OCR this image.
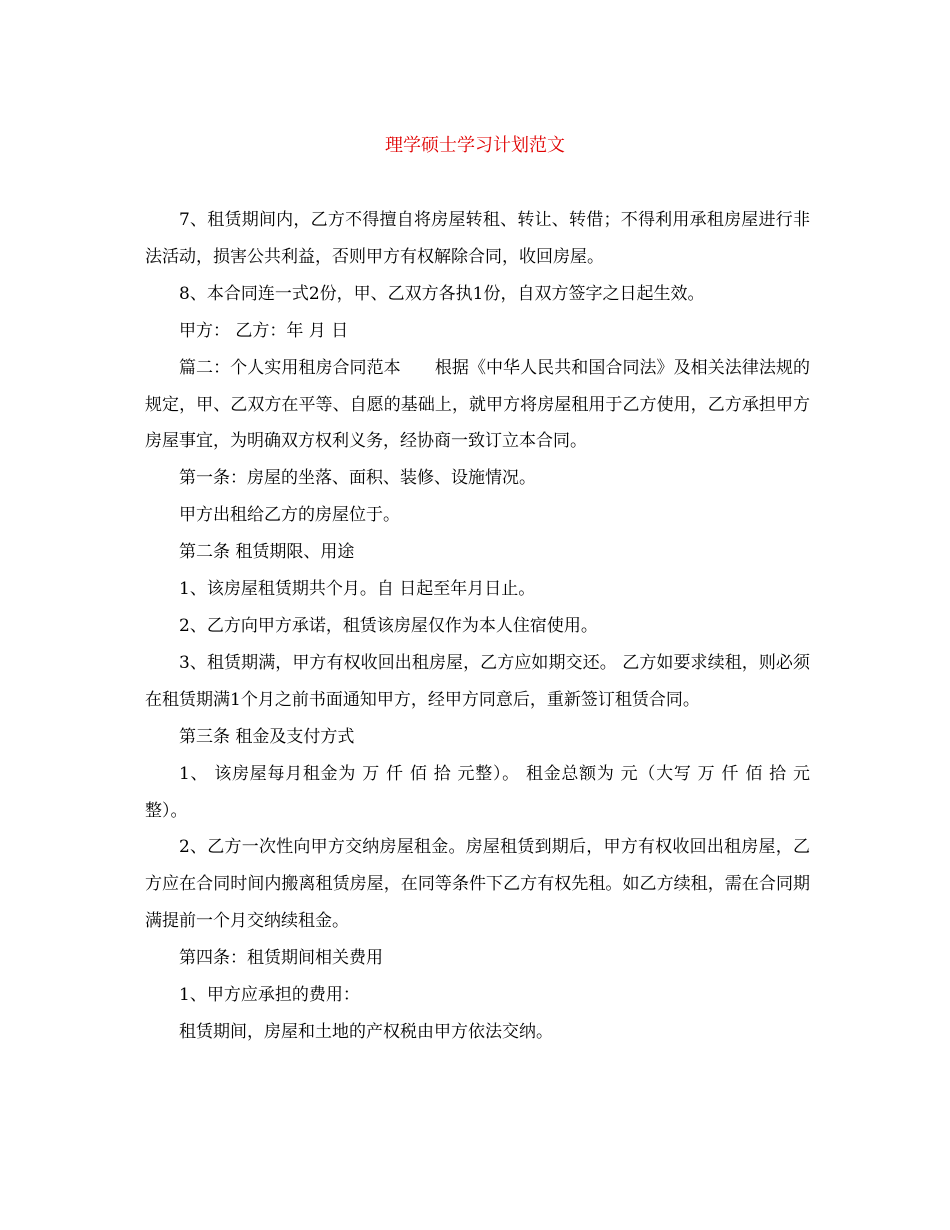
理学硕士学习计划范文

7、租赁期间内，乙方不得擅自将房屋转租、转让、转借；不得利用承租房屋进行非法活动，损害公共利益，否则甲方有权解除合同，收回房屋。

8、本合同连一式2份，甲、乙双方各执1份，自双方签字之日起生效。

甲方： 乙方：年 月 日

篇二：个人实用租房合同范本　　根据《中华人民共和国合同法》及相关法律法规的规定，甲、乙双方在平等、自愿的基础上，就甲方将房屋租用于乙方使用，乙方承担甲方房屋事宜，为明确双方权利义务，经协商一致订立本合同。

第一条：房屋的坐落、面积、装修、设施情况。

甲方出租给乙方的房屋位于。

第二条 租赁期限、用途

1、该房屋租赁期共个月。自 日起至年月日止。

2、乙方向甲方承诺，租赁该房屋仅作为本人住宿使用。

3、租赁期满，甲方有权收回出租房屋，乙方应如期交还。 乙方如要求续租，则必须在租赁期满1个月之前书面通知甲方，经甲方同意后，重新签订租赁合同。

第三条 租金及支付方式

1、 该房屋每月租金为 万 仟 佰 拾 元整）。 租金总额为 元（大写 万 仟 佰 拾 元整）。

2、乙方一次性向甲方交纳房屋租金。房屋租赁到期后，甲方有权收回出租房屋，乙方应在合同时间内搬离租赁房屋，在同等条件下乙方有权先租。如乙方续租，需在合同期满提前一个月交纳续租金。

第四条：租赁期间相关费用

1、甲方应承担的费用：

租赁期间，房屋和土地的产权税由甲方依法交纳。
